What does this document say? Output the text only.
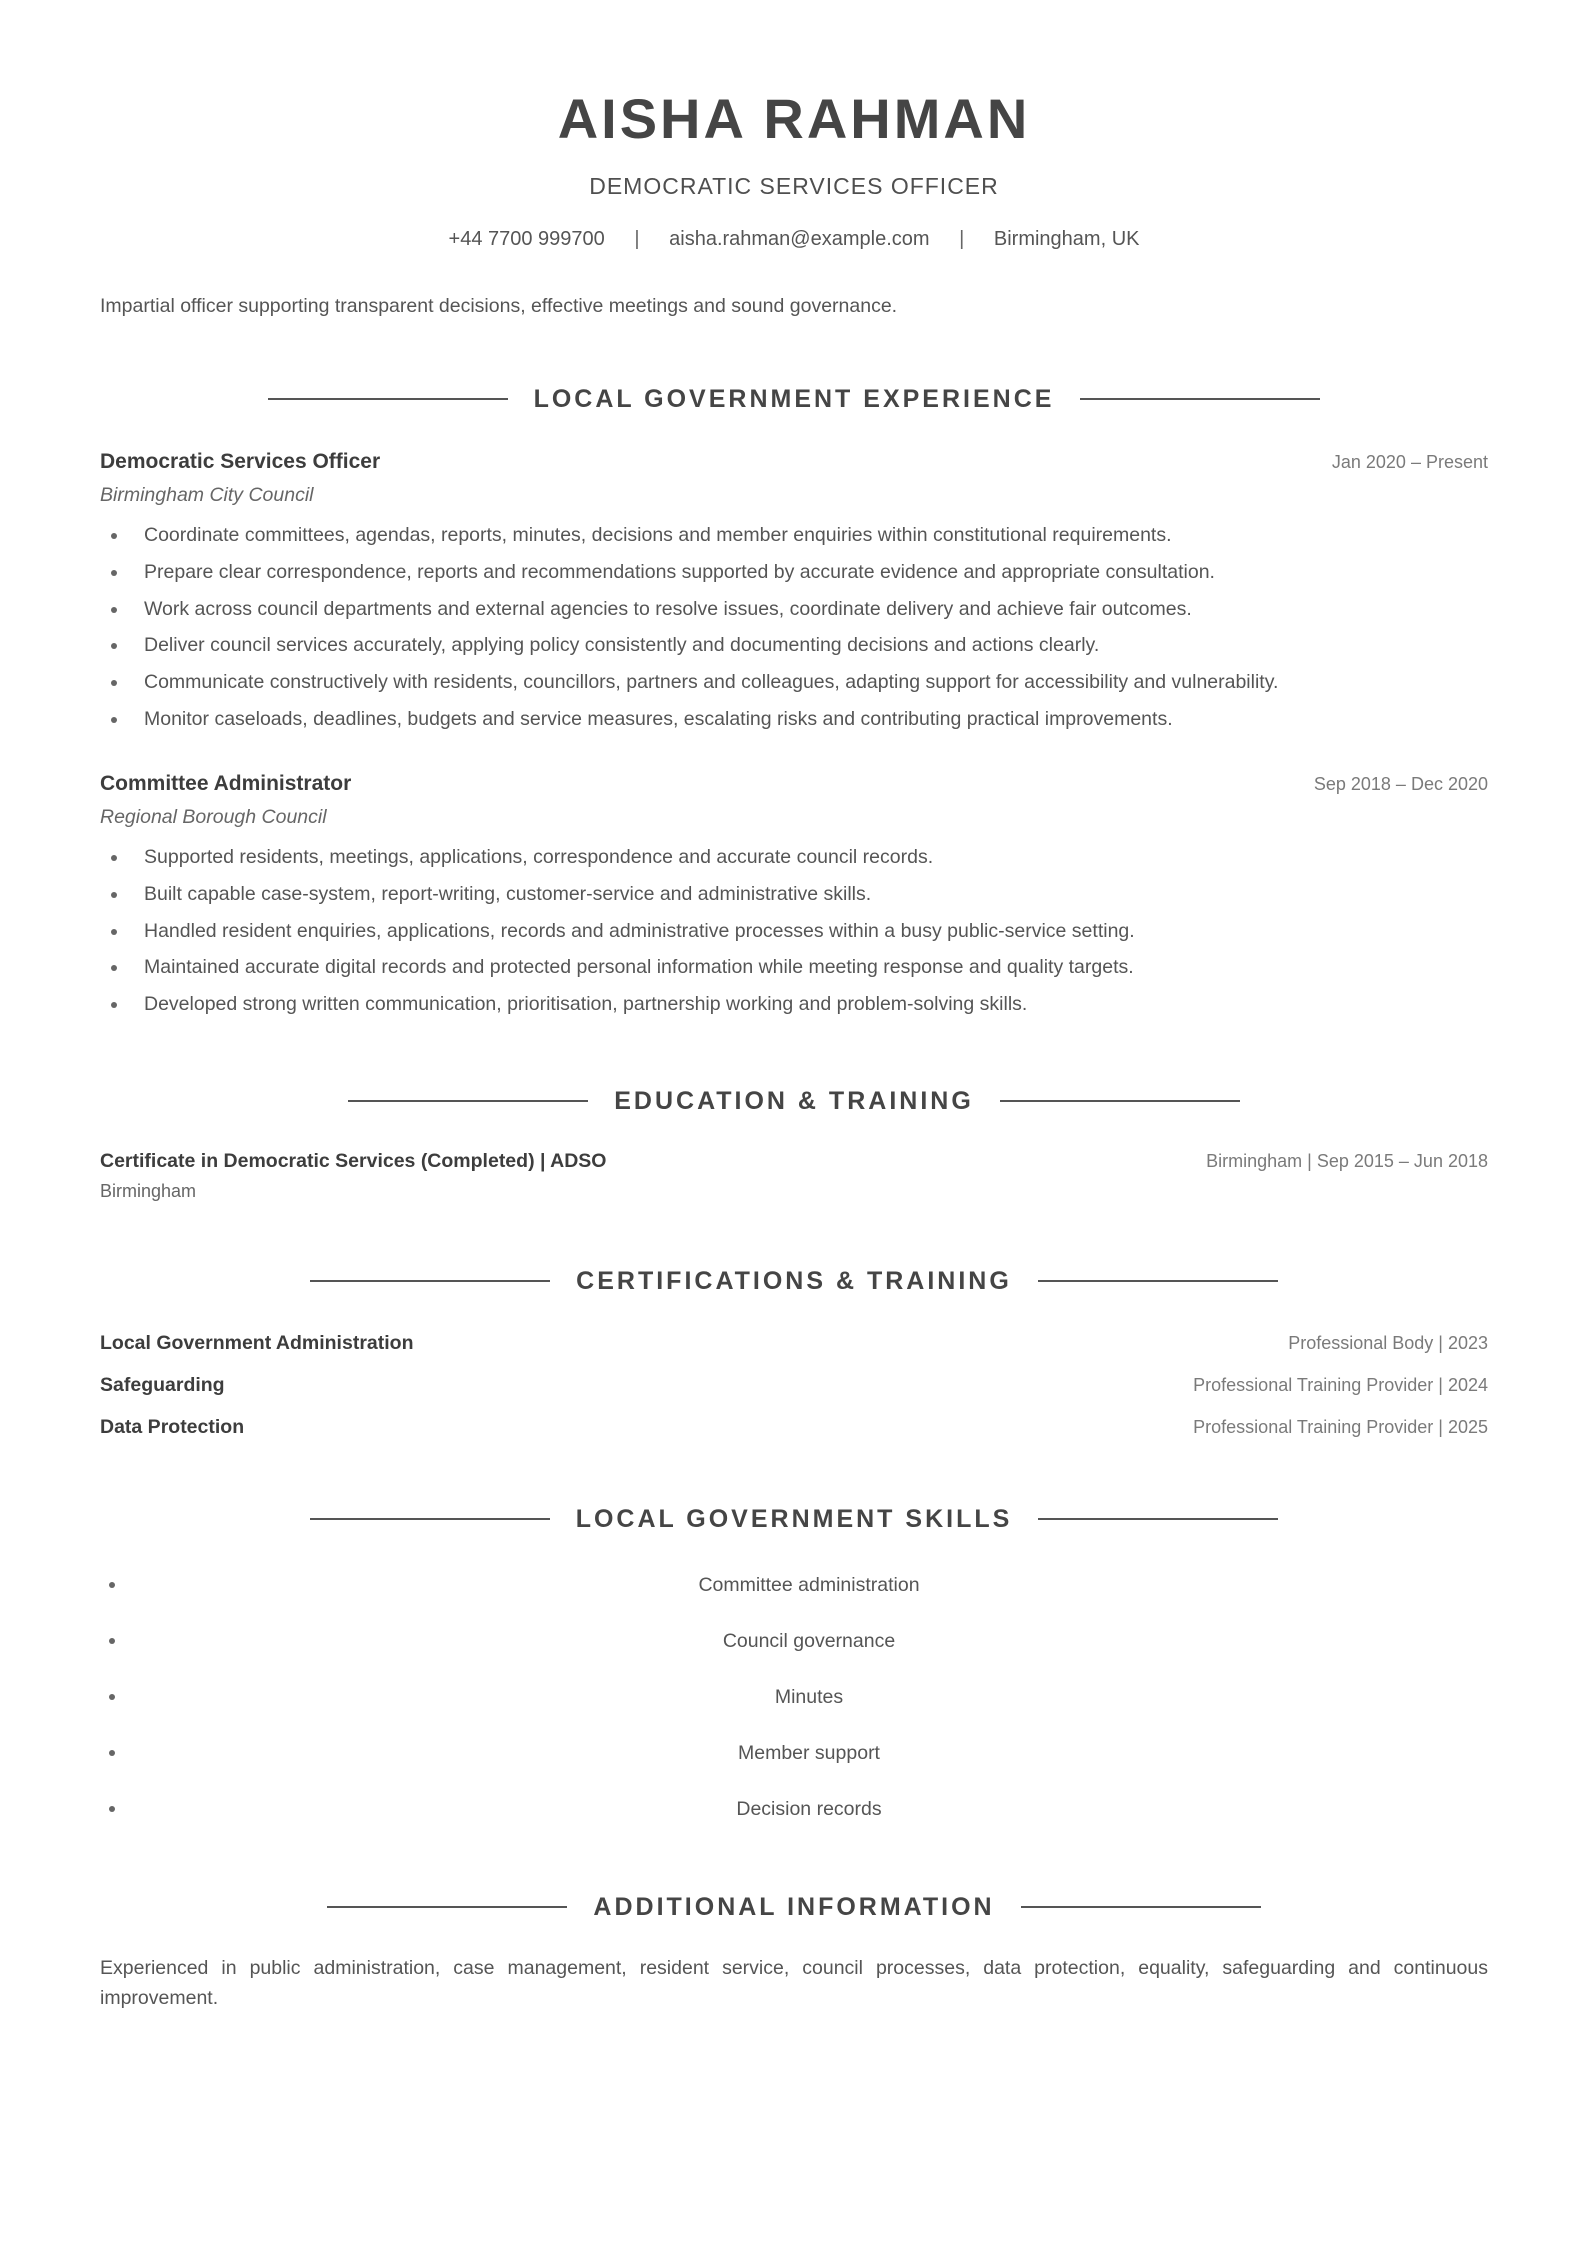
AISHA RAHMAN
DEMOCRATIC SERVICES OFFICER
+44 7700 999700 | aisha.rahman@example.com | Birmingham, UK
Impartial officer supporting transparent decisions, effective meetings and sound governance.
LOCAL GOVERNMENT EXPERIENCE
Democratic Services Officer	Jan 2020 – Present
Birmingham City Council
Coordinate committees, agendas, reports, minutes, decisions and member enquiries within constitutional requirements.
Prepare clear correspondence, reports and recommendations supported by accurate evidence and appropriate consultation.
Work across council departments and external agencies to resolve issues, coordinate delivery and achieve fair outcomes.
Deliver council services accurately, applying policy consistently and documenting decisions and actions clearly.
Communicate constructively with residents, councillors, partners and colleagues, adapting support for accessibility and vulnerability.
Monitor caseloads, deadlines, budgets and service measures, escalating risks and contributing practical improvements.
Committee Administrator	Sep 2018 – Dec 2020
Regional Borough Council
Supported residents, meetings, applications, correspondence and accurate council records.
Built capable case-system, report-writing, customer-service and administrative skills.
Handled resident enquiries, applications, records and administrative processes within a busy public-service setting.
Maintained accurate digital records and protected personal information while meeting response and quality targets.
Developed strong written communication, prioritisation, partnership working and problem-solving skills.
EDUCATION & TRAINING
Certificate in Democratic Services (Completed) | ADSO	Birmingham | Sep 2015 – Jun 2018
Birmingham
CERTIFICATIONS & TRAINING
Local Government Administration	Professional Body | 2023
Safeguarding	Professional Training Provider | 2024
Data Protection	Professional Training Provider | 2025
LOCAL GOVERNMENT SKILLS
Committee administration
Council governance
Minutes
Member support
Decision records
ADDITIONAL INFORMATION
Experienced in public administration, case management, resident service, council processes, data protection, equality, safeguarding and continuous improvement.
